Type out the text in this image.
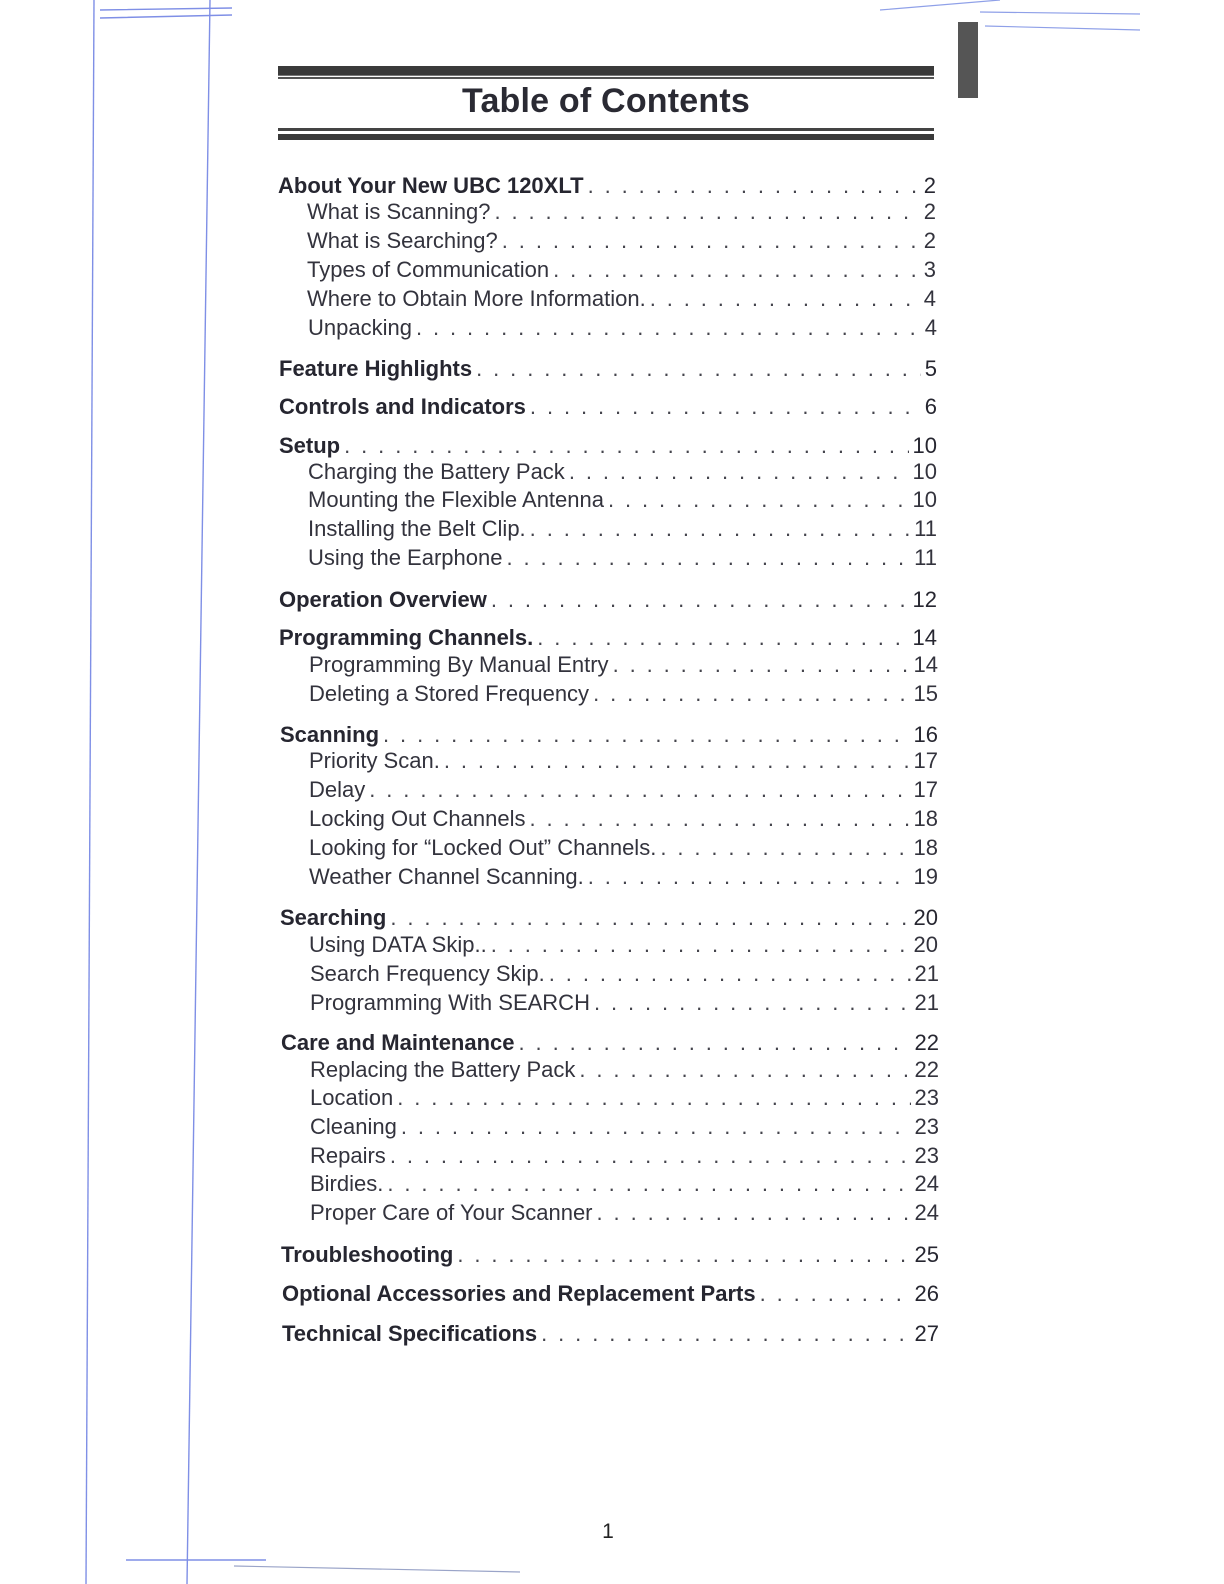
Table of Contents
About Your New UBC 120XLT . . .	2
What is Scanning? . . .	2
What is Searching? . . .	2
Types of Communication . . .	3
Where to Obtain More Information. . . .	4
Unpacking . . .	4
Feature Highlights . . .	5
Controls and Indicators . . .	6
Setup . . .	10
Charging the Battery Pack . . .	10
Mounting the Flexible Antenna . . .	10
Installing the Belt Clip. . . .	11
Using the Earphone . . .	11
Operation Overview . . .	12
Programming Channels. . . .	14
Programming By Manual Entry . . .	14
Deleting a Stored Frequency . . .	15
Scanning . . .	16
Priority Scan. . . .	17
Delay . . .	17
Locking Out Channels . . .	18
Looking for “Locked Out” Channels. . . .	18
Weather Channel Scanning. . . .	19
Searching . . .	20
Using DATA Skip.. . . .	20
Search Frequency Skip. . . .	21
Programming With SEARCH . . .	21
Care and Maintenance . . .	22
Replacing the Battery Pack . . .	22
Location . . .	23
Cleaning . . .	23
Repairs . . .	23
Birdies. . . .	24
Proper Care of Your Scanner . . .	24
Troubleshooting . . .	25
Optional Accessories and Replacement Parts . . .	26
Technical Specifications . . .	27
1
